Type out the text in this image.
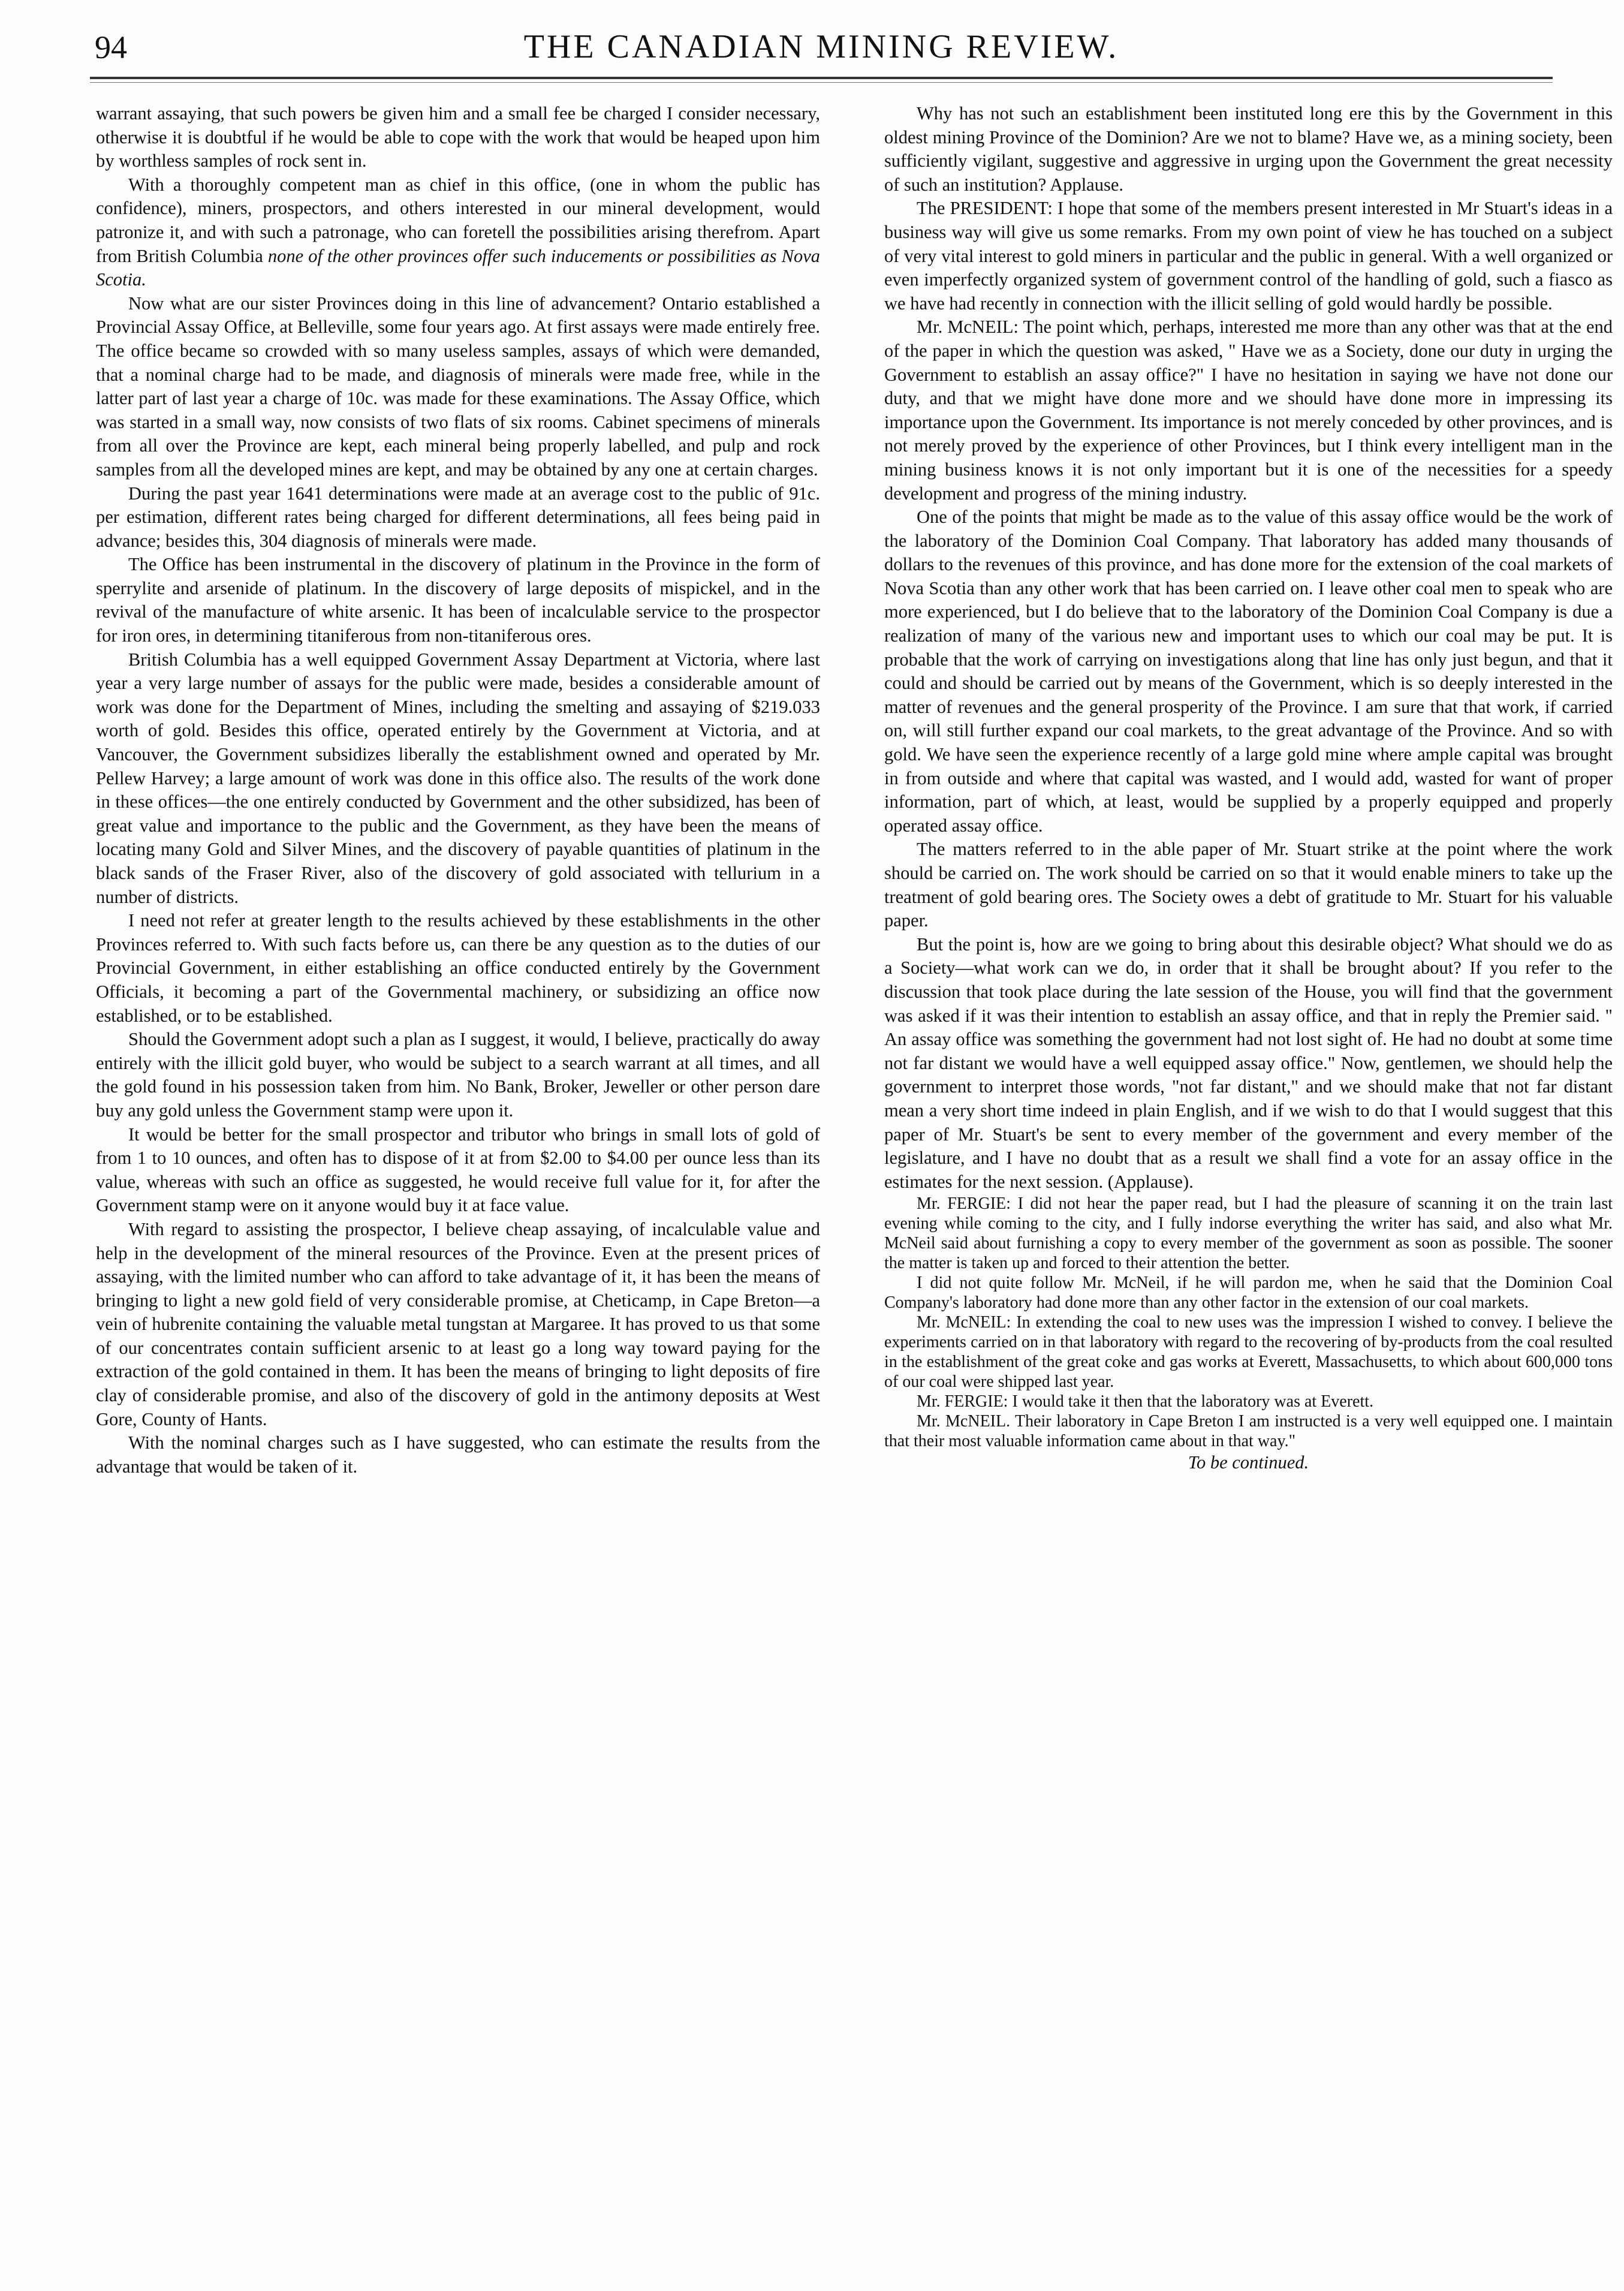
94	THE CANADIAN MINING REVIEW.

warrant assaying, that such powers be given him and a small fee be charged I consider necessary, otherwise it is doubtful if he would be able to cope with the work that would be heaped upon him by worthless samples of rock sent in.

With a thoroughly competent man as chief in this office, (one in whom the public has confidence), miners, prospectors, and others interested in our mineral development, would patronize it, and with such a patronage, who can foretell the possibilities arising therefrom. Apart from British Columbia none of the other provinces offer such inducements or possibilities as Nova Scotia.

Now what are our sister Provinces doing in this line of advancement? Ontario established a Provincial Assay Office, at Belleville, some four years ago. At first assays were made entirely free. The office became so crowded with so many useless samples, assays of which were demanded, that a nominal charge had to be made, and diagnosis of minerals were made free, while in the latter part of last year a charge of 10c. was made for these examinations. The Assay Office, which was started in a small way, now consists of two flats of six rooms. Cabinet specimens of minerals from all over the Province are kept, each mineral being properly labelled, and pulp and rock samples from all the developed mines are kept, and may be obtained by any one at certain charges.

During the past year 1641 determinations were made at an average cost to the public of 91c. per estimation, different rates being charged for different determinations, all fees being paid in advance; besides this, 304 diagnosis of minerals were made.

The Office has been instrumental in the discovery of platinum in the Province in the form of sperrylite and arsenide of platinum. In the discovery of large deposits of mispickel, and in the revival of the manufacture of white arsenic. It has been of incalculable service to the prospector for iron ores, in determining titaniferous from non-titaniferous ores.

British Columbia has a well equipped Government Assay Department at Victoria, where last year a very large number of assays for the public were made, besides a considerable amount of work was done for the Department of Mines, including the smelting and assaying of $219.033 worth of gold. Besides this office, operated entirely by the Government at Victoria, and at Vancouver, the Government subsidizes liberally the establishment owned and operated by Mr. Pellew Harvey; a large amount of work was done in this office also. The results of the work done in these offices—the one entirely conducted by Government and the other subsidized, has been of great value and importance to the public and the Government, as they have been the means of locating many Gold and Silver Mines, and the discovery of payable quantities of platinum in the black sands of the Fraser River, also of the discovery of gold associated with tellurium in a number of districts.

I need not refer at greater length to the results achieved by these establishments in the other Provinces referred to. With such facts before us, can there be any question as to the duties of our Provincial Government, in either establishing an office conducted entirely by the Government Officials, it becoming a part of the Governmental machinery, or subsidizing an office now established, or to be established.

Should the Government adopt such a plan as I suggest, it would, I believe, practically do away entirely with the illicit gold buyer, who would be subject to a search warrant at all times, and all the gold found in his possession taken from him. No Bank, Broker, Jeweller or other person dare buy any gold unless the Government stamp were upon it.

It would be better for the small prospector and tributor who brings in small lots of gold of from 1 to 10 ounces, and often has to dispose of it at from $2.00 to $4.00 per ounce less than its value, whereas with such an office as suggested, he would receive full value for it, for after the Government stamp were on it anyone would buy it at face value.

With regard to assisting the prospector, I believe cheap assaying, of incalculable value and help in the development of the mineral resources of the Province. Even at the present prices of assaying, with the limited number who can afford to take advantage of it, it has been the means of bringing to light a new gold field of very considerable promise, at Cheticamp, in Cape Breton—a vein of hubrenite containing the valuable metal tungstan at Margaree. It has proved to us that some of our concentrates contain sufficient arsenic to at least go a long way toward paying for the extraction of the gold contained in them. It has been the means of bringing to light deposits of fire clay of considerable promise, and also of the discovery of gold in the antimony deposits at West Gore, County of Hants.

With the nominal charges such as I have suggested, who can estimate the results from the advantage that would be taken of it.

Why has not such an establishment been instituted long ere this by the Government in this oldest mining Province of the Dominion? Are we not to blame? Have we, as a mining society, been sufficiently vigilant, suggestive and aggressive in urging upon the Government the great necessity of such an institution? Applause.

The PRESIDENT: I hope that some of the members present interested in Mr Stuart's ideas in a business way will give us some remarks. From my own point of view he has touched on a subject of very vital interest to gold miners in particular and the public in general. With a well organized or even imperfectly organized system of government control of the handling of gold, such a fiasco as we have had recently in connection with the illicit selling of gold would hardly be possible.

Mr. McNEIL: The point which, perhaps, interested me more than any other was that at the end of the paper in which the question was asked, " Have we as a Society, done our duty in urging the Government to establish an assay office?" I have no hesitation in saying we have not done our duty, and that we might have done more and we should have done more in impressing its importance upon the Government. Its importance is not merely conceded by other provinces, and is not merely proved by the experience of other Provinces, but I think every intelligent man in the mining business knows it is not only important but it is one of the necessities for a speedy development and progress of the mining industry.

One of the points that might be made as to the value of this assay office would be the work of the laboratory of the Dominion Coal Company. That laboratory has added many thousands of dollars to the revenues of this province, and has done more for the extension of the coal markets of Nova Scotia than any other work that has been carried on. I leave other coal men to speak who are more experienced, but I do believe that to the laboratory of the Dominion Coal Company is due a realization of many of the various new and important uses to which our coal may be put. It is probable that the work of carrying on investigations along that line has only just begun, and that it could and should be carried out by means of the Government, which is so deeply interested in the matter of revenues and the general prosperity of the Province. I am sure that that work, if carried on, will still further expand our coal markets, to the great advantage of the Province. And so with gold. We have seen the experience recently of a large gold mine where ample capital was brought in from outside and where that capital was wasted, and I would add, wasted for want of proper information, part of which, at least, would be supplied by a properly equipped and properly operated assay office.

The matters referred to in the able paper of Mr. Stuart strike at the point where the work should be carried on. The work should be carried on so that it would enable miners to take up the treatment of gold bearing ores. The Society owes a debt of gratitude to Mr. Stuart for his valuable paper.

But the point is, how are we going to bring about this desirable object? What should we do as a Society—what work can we do, in order that it shall be brought about? If you refer to the discussion that took place during the late session of the House, you will find that the government was asked if it was their intention to establish an assay office, and that in reply the Premier said. " An assay office was something the government had not lost sight of. He had no doubt at some time not far distant we would have a well equipped assay office." Now, gentlemen, we should help the government to interpret those words, "not far distant," and we should make that not far distant mean a very short time indeed in plain English, and if we wish to do that I would suggest that this paper of Mr. Stuart's be sent to every member of the government and every member of the legislature, and I have no doubt that as a result we shall find a vote for an assay office in the estimates for the next session. (Applause).

Mr. FERGIE: I did not hear the paper read, but I had the pleasure of scanning it on the train last evening while coming to the city, and I fully indorse everything the writer has said, and also what Mr. McNeil said about furnishing a copy to every member of the government as soon as possible. The sooner the matter is taken up and forced to their attention the better.

I did not quite follow Mr. McNeil, if he will pardon me, when he said that the Dominion Coal Company's laboratory had done more than any other factor in the extension of our coal markets.

Mr. McNEIL: In extending the coal to new uses was the impression I wished to convey. I believe the experiments carried on in that laboratory with regard to the recovering of by-products from the coal resulted in the establishment of the great coke and gas works at Everett, Massachusetts, to which about 600,000 tons of our coal were shipped last year.

Mr. FERGIE: I would take it then that the laboratory was at Everett.

Mr. McNEIL. Their laboratory in Cape Breton I am instructed is a very well equipped one. I maintain that their most valuable information came about in that way."

To be continued.
